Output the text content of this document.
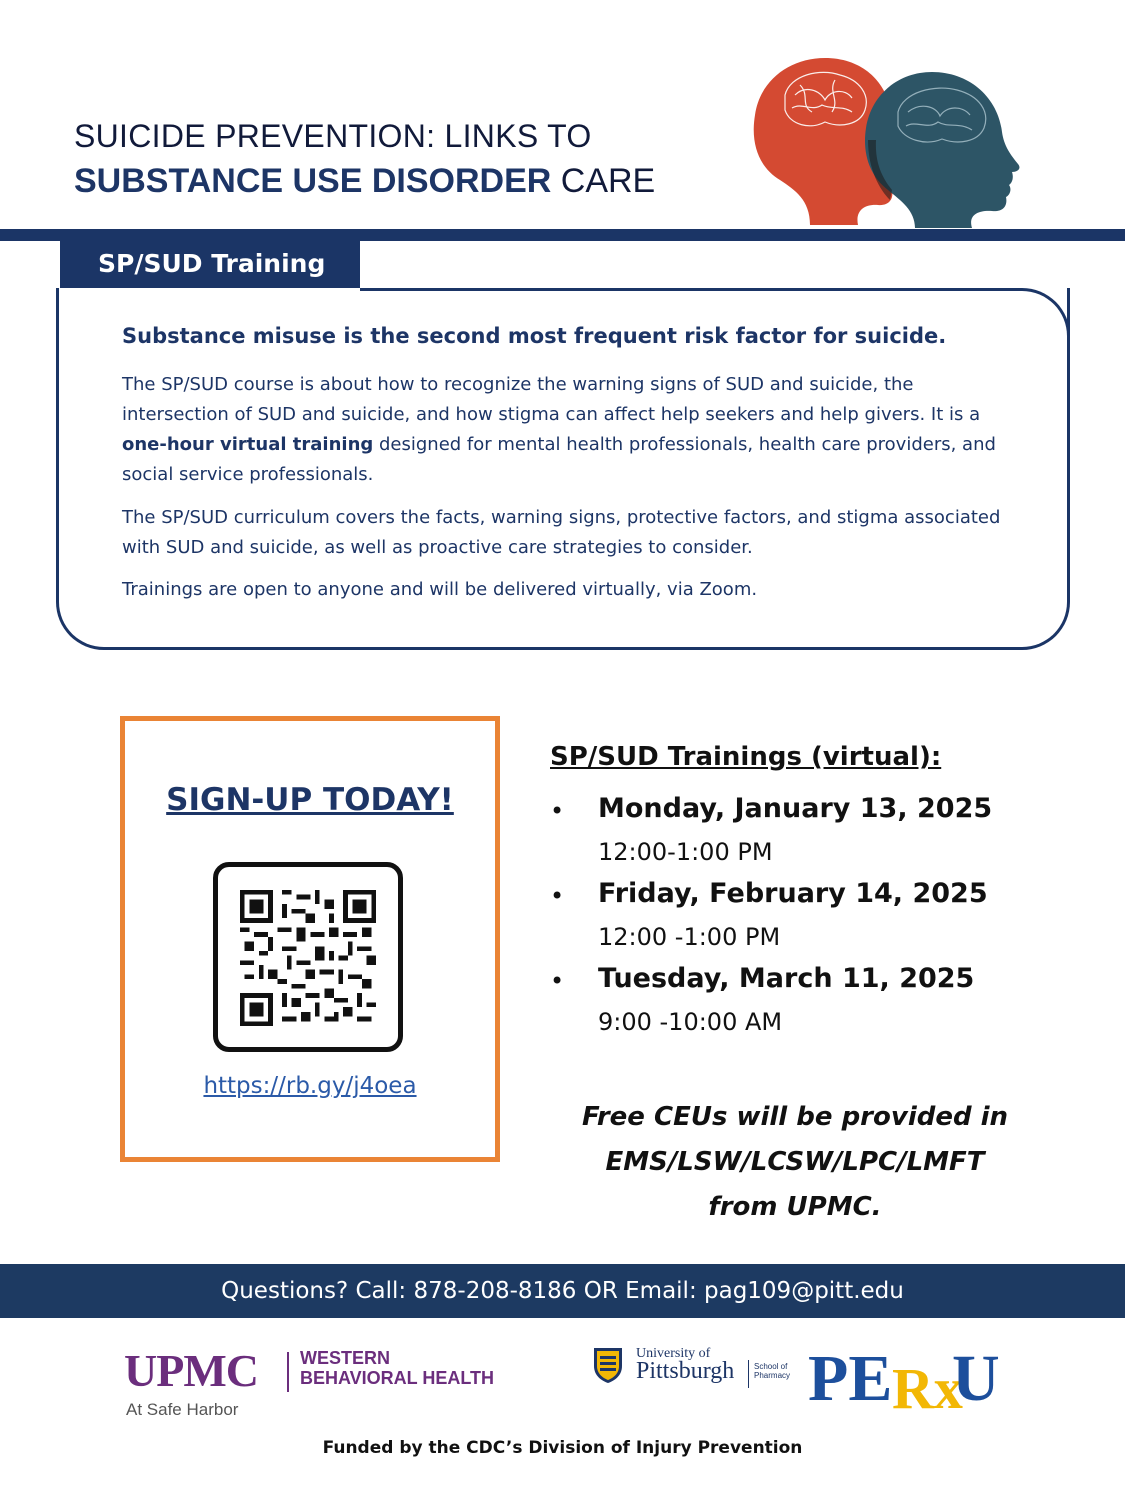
SUICIDE PREVENTION: LINKS TO
SUBSTANCE USE DISORDER CARE
SP/SUD Training
Substance misuse is the second most frequent risk factor for suicide.
The SP/SUD course is about how to recognize the warning signs of SUD and suicide, the intersection of SUD and suicide, and how stigma can affect help seekers and help givers. It is a one-hour virtual training designed for mental health professionals, health care providers, and social service professionals.
The SP/SUD curriculum covers the facts, warning signs, protective factors, and stigma associated with SUD and suicide, as well as proactive care strategies to consider.
Trainings are open to anyone and will be delivered virtually, via Zoom.
SIGN-UP TODAY!
https://rb.gy/j4oea
SP/SUD Trainings (virtual):
• Monday, January 13, 2025
12:00-1:00 PM
• Friday, February 14, 2025
12:00 -1:00 PM
• Tuesday, March 11, 2025
9:00 -10:00 AM
Free CEUs will be provided in
EMS/LSW/LCSW/LPC/LMFT
from UPMC.
Questions? Call: 878-208-8186 OR Email: pag109@pitt.edu
UPMC WESTERN
BEHAVIORAL HEALTH
At Safe Harbor
University of
Pittsburgh School of Pharmacy PE Rx
U
Funded by the CDC’s Division of Injury Prevention
